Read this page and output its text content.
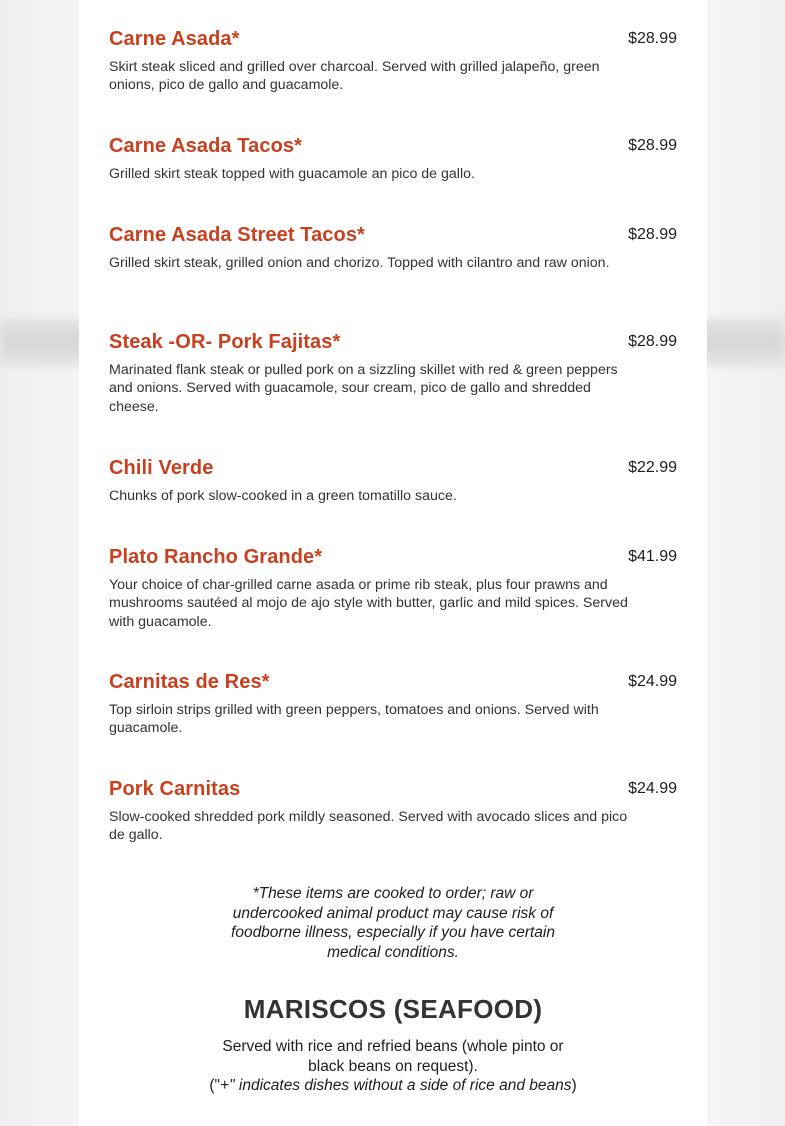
Carne Asada*	$28.99
Skirt steak sliced and grilled over charcoal. Served with grilled jalapeño, green onions, pico de gallo and guacamole.
Carne Asada Tacos*	$28.99
Grilled skirt steak topped with guacamole an pico de gallo.
Carne Asada Street Tacos*	$28.99
Grilled skirt steak, grilled onion and chorizo. Topped with cilantro and raw onion.
Steak -OR- Pork Fajitas*	$28.99
Marinated flank steak or pulled pork on a sizzling skillet with red & green peppers and onions. Served with guacamole, sour cream, pico de gallo and shredded cheese.
Chili Verde	$22.99
Chunks of pork slow-cooked in a green tomatillo sauce.
Plato Rancho Grande*	$41.99
Your choice of char-grilled carne asada or prime rib steak, plus four prawns and mushrooms sautéed al mojo de ajo style with butter, garlic and mild spices. Served with guacamole.
Carnitas de Res*	$24.99
Top sirloin strips grilled with green peppers, tomatoes and onions. Served with guacamole.
Pork Carnitas	$24.99
Slow-cooked shredded pork mildly seasoned. Served with avocado slices and pico de gallo.
*These items are cooked to order; raw or undercooked animal product may cause risk of foodborne illness, especially if you have certain medical conditions.
MARISCOS (SEAFOOD)
Served with rice and refried beans (whole pinto or black beans on request).
("+" indicates dishes without a side of rice and beans)
